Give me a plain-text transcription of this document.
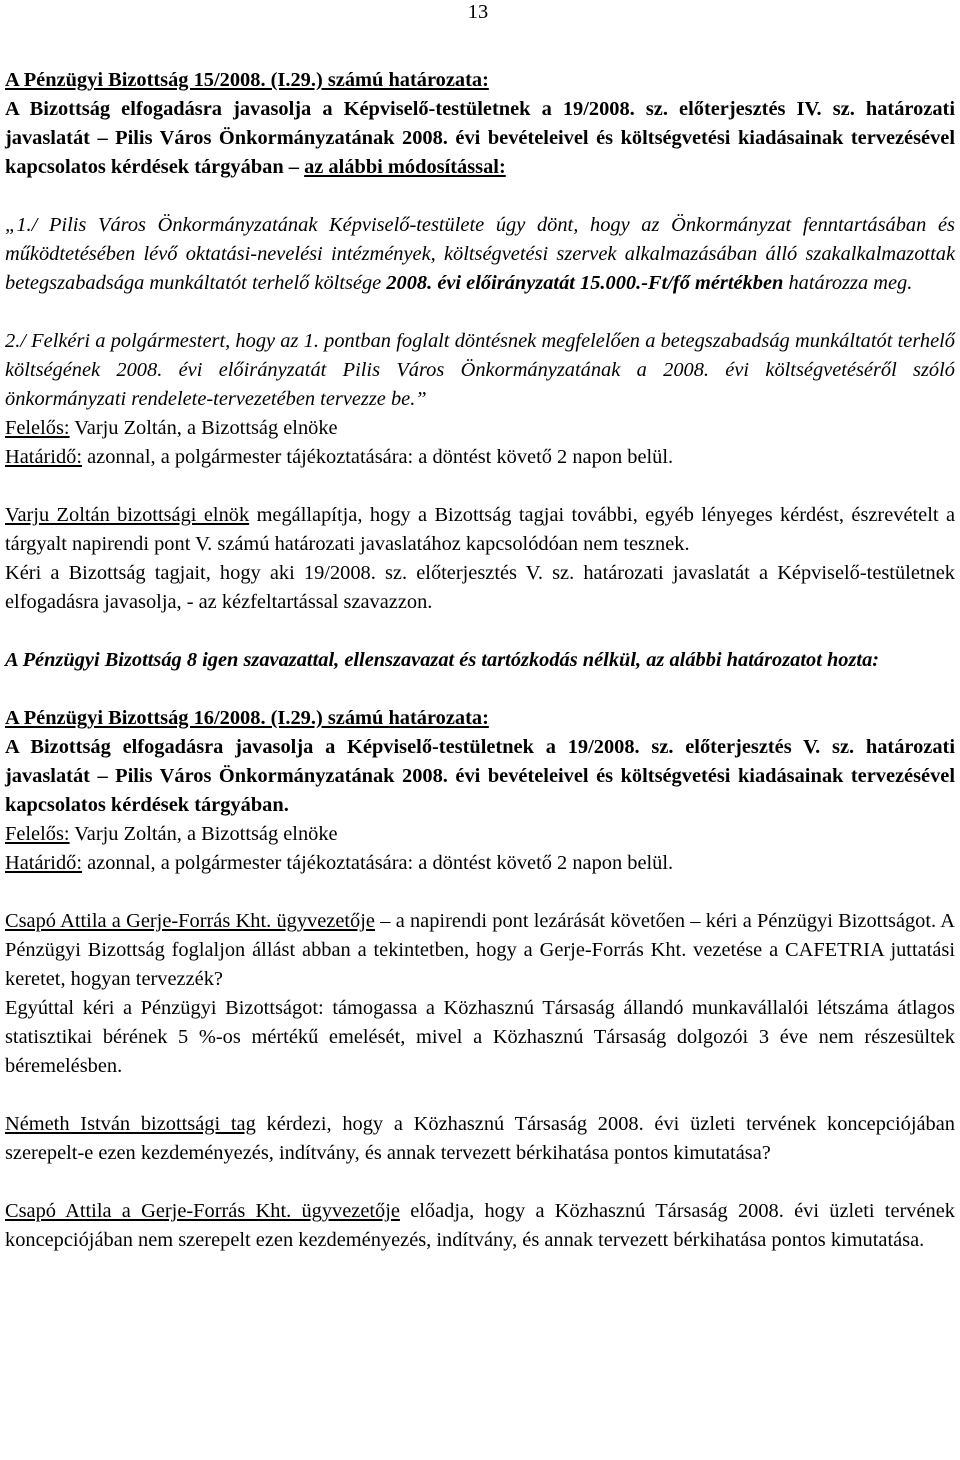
13

A Pénzügyi Bizottság 15/2008. (I.29.) számú határozata:

A Bizottság elfogadásra javasolja a Képviselő-testületnek a 19/2008. sz. előterjesztés IV. sz. határozati javaslatát – Pilis Város Önkormányzatának 2008. évi bevételeivel és költségvetési kiadásainak tervezésével kapcsolatos kérdések tárgyában – az alábbi módosítással:

„1./ Pilis Város Önkormányzatának Képviselő-testülete úgy dönt, hogy az Önkormányzat fenntartásában és működtetésében lévő oktatási-nevelési intézmények, költségvetési szervek alkalmazásában álló szakalkalmazottak betegszabadsága munkáltatót terhelő költsége 2008. évi előirányzatát 15.000.-Ft/fő mértékben határozza meg.

2./ Felkéri a polgármestert, hogy az 1. pontban foglalt döntésnek megfelelően a betegszabadság munkáltatót terhelő költségének 2008. évi előirányzatát Pilis Város Önkormányzatának a 2008. évi költségvetéséről szóló önkormányzati rendelete-tervezetében tervezze be.”

Felelős: Varju Zoltán, a Bizottság elnöke

Határidő: azonnal, a polgármester tájékoztatására: a döntést követő 2 napon belül.

Varju Zoltán bizottsági elnök megállapítja, hogy a Bizottság tagjai további, egyéb lényeges kérdést, észrevételt a tárgyalt napirendi pont V. számú határozati javaslatához kapcsolódóan nem tesznek.

Kéri a Bizottság tagjait, hogy aki 19/2008. sz. előterjesztés V. sz. határozati javaslatát a Képviselő-testületnek elfogadásra javasolja, - az kézfeltartással szavazzon.

A Pénzügyi Bizottság 8 igen szavazattal, ellenszavazat és tartózkodás nélkül, az alábbi határozatot hozta:

A Pénzügyi Bizottság 16/2008. (I.29.) számú határozata:

A Bizottság elfogadásra javasolja a Képviselő-testületnek a 19/2008. sz. előterjesztés V. sz. határozati javaslatát – Pilis Város Önkormányzatának 2008. évi bevételeivel és költségvetési kiadásainak tervezésével kapcsolatos kérdések tárgyában.

Felelős: Varju Zoltán, a Bizottság elnöke

Határidő: azonnal, a polgármester tájékoztatására: a döntést követő 2 napon belül.

Csapó Attila a Gerje-Forrás Kht. ügyvezetője – a napirendi pont lezárását követően – kéri a Pénzügyi Bizottságot. A Pénzügyi Bizottság foglaljon állást abban a tekintetben, hogy a Gerje-Forrás Kht. vezetése a CAFETRIA juttatási keretet, hogyan tervezzék?

Egyúttal kéri a Pénzügyi Bizottságot: támogassa a Közhasznú Társaság állandó munkavállalói létszáma átlagos statisztikai bérének 5 %-os mértékű emelését, mivel a Közhasznú Társaság dolgozói 3 éve nem részesültek béremelésben.

Németh István bizottsági tag kérdezi, hogy a Közhasznú Társaság 2008. évi üzleti tervének koncepciójában szerepelt-e ezen kezdeményezés, indítvány, és annak tervezett bérkihatása pontos kimutatása?

Csapó Attila a Gerje-Forrás Kht. ügyvezetője előadja, hogy a Közhasznú Társaság 2008. évi üzleti tervének koncepciójában nem szerepelt ezen kezdeményezés, indítvány, és annak tervezett bérkihatása pontos kimutatása.
